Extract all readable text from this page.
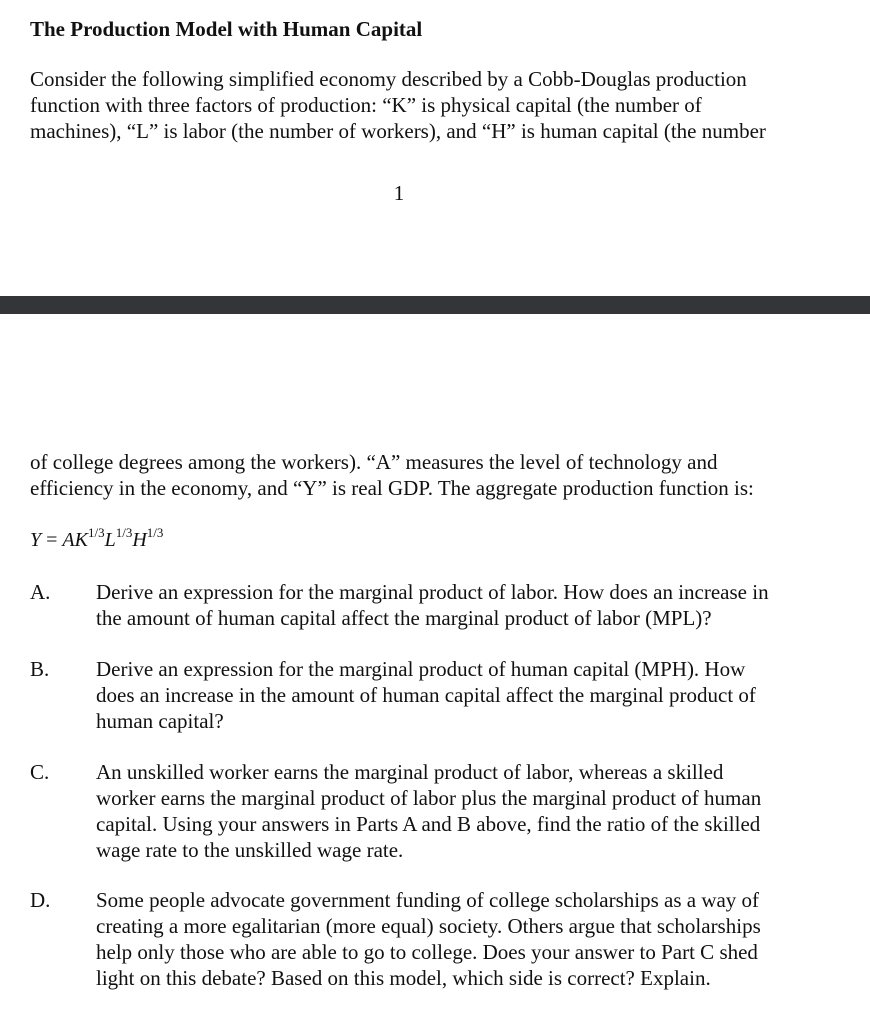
The Production Model with Human Capital
Consider the following simplified economy described by a Cobb-Douglas production
function with three factors of production: “K” is physical capital (the number of
machines), “L” is labor (the number of workers), and “H” is human capital (the number
1
of college degrees among the workers). “A” measures the level of technology and
efficiency in the economy, and “Y” is real GDP. The aggregate production function is:
$Y = AK^{1/3}L^{1/3}H^{1/3}$
A. Derive an expression for the marginal product of labor. How does an increase in
the amount of human capital affect the marginal product of labor (MPL)?
B. Derive an expression for the marginal product of human capital (MPH). How
does an increase in the amount of human capital affect the marginal product of
human capital?
C. An unskilled worker earns the marginal product of labor, whereas a skilled
worker earns the marginal product of labor plus the marginal product of human
capital. Using your answers in Parts A and B above, find the ratio of the skilled
wage rate to the unskilled wage rate.
D. Some people advocate government funding of college scholarships as a way of
creating a more egalitarian (more equal) society. Others argue that scholarships
help only those who are able to go to college. Does your answer to Part C shed
light on this debate? Based on this model, which side is correct? Explain.
